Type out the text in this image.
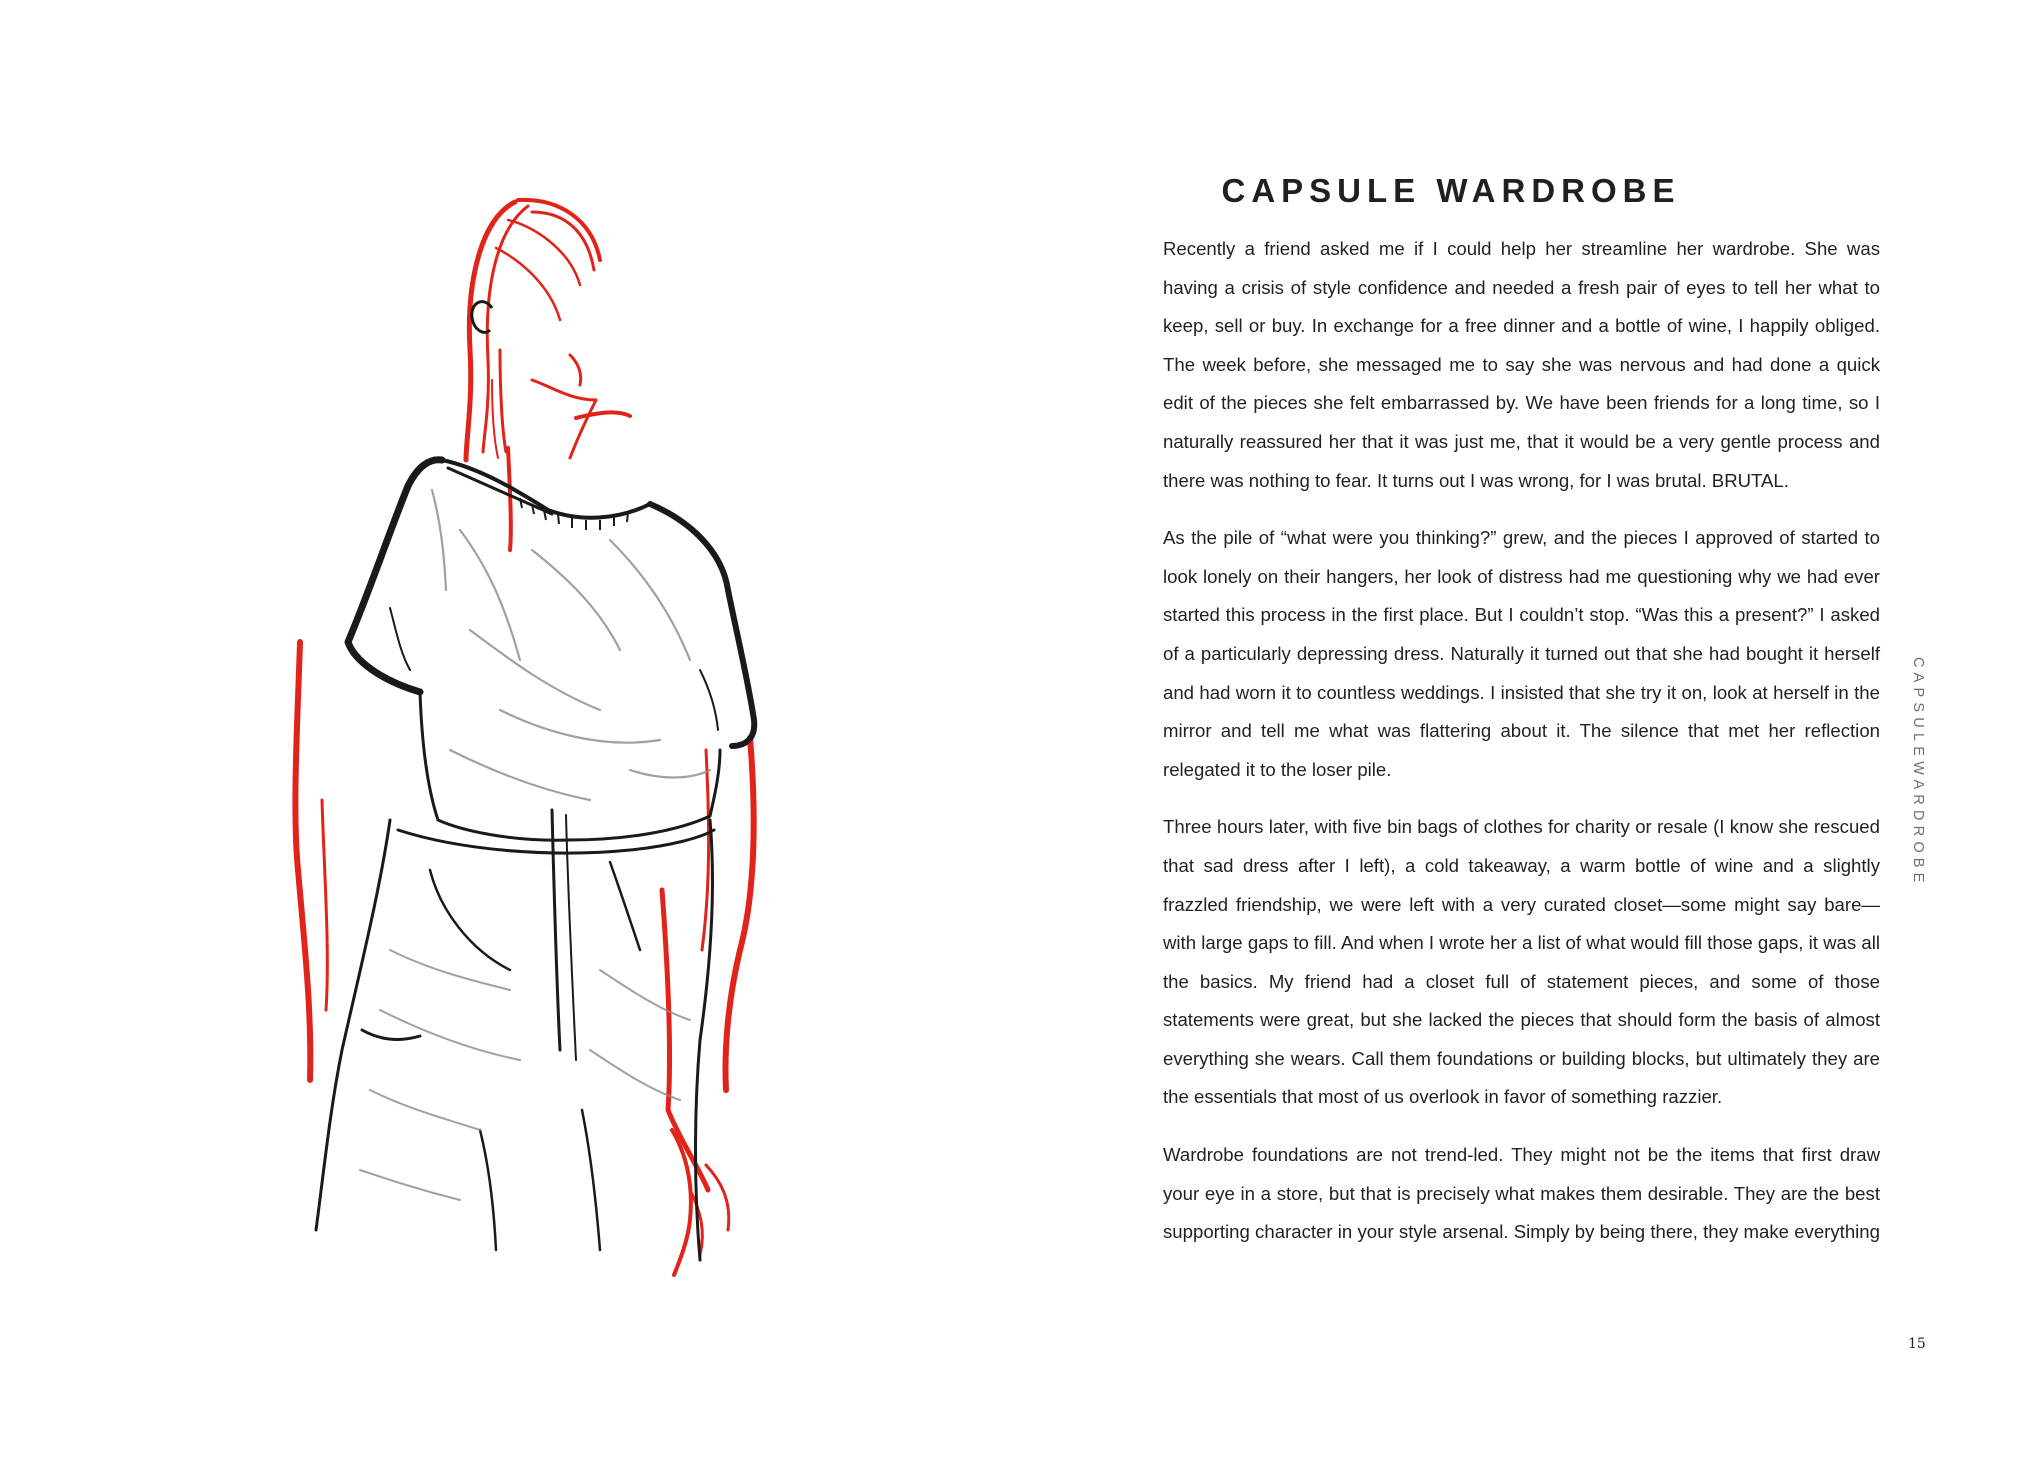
CAPSULE WARDROBE

Recently a friend asked me if I could help her streamline her wardrobe. She was having a crisis of style confidence and needed a fresh pair of eyes to tell her what to keep, sell or buy. In exchange for a free dinner and a bottle of wine, I happily obliged. The week before, she messaged me to say she was nervous and had done a quick edit of the pieces she felt embarrassed by. We have been friends for a long time, so I naturally reassured her that it was just me, that it would be a very gentle process and there was nothing to fear. It turns out I was wrong, for I was brutal. BRUTAL.

As the pile of “what were you thinking?” grew, and the pieces I approved of started to look lonely on their hangers, her look of distress had me questioning why we had ever started this process in the first place. But I couldn’t stop. “Was this a present?” I asked of a particularly depressing dress. Naturally it turned out that she had bought it herself and had worn it to countless weddings. I insisted that she try it on, look at herself in the mirror and tell me what was flattering about it. The silence that met her reflection relegated it to the loser pile.

Three hours later, with five bin bags of clothes for charity or resale (I know she rescued that sad dress after I left), a cold takeaway, a warm bottle of wine and a slightly frazzled friendship, we were left with a very curated closet—some might say bare—with large gaps to fill. And when I wrote her a list of what would fill those gaps, it was all the basics. My friend had a closet full of statement pieces, and some of those statements were great, but she lacked the pieces that should form the basis of almost everything she wears. Call them foundations or building blocks, but ultimately they are the essentials that most of us overlook in favor of something razzier.

Wardrobe foundations are not trend-led. They might not be the items that first draw your eye in a store, but that is precisely what makes them desirable. They are the best supporting character in your style arsenal. Simply by being there, they make everything

CAPSULEWARDROBE
15
